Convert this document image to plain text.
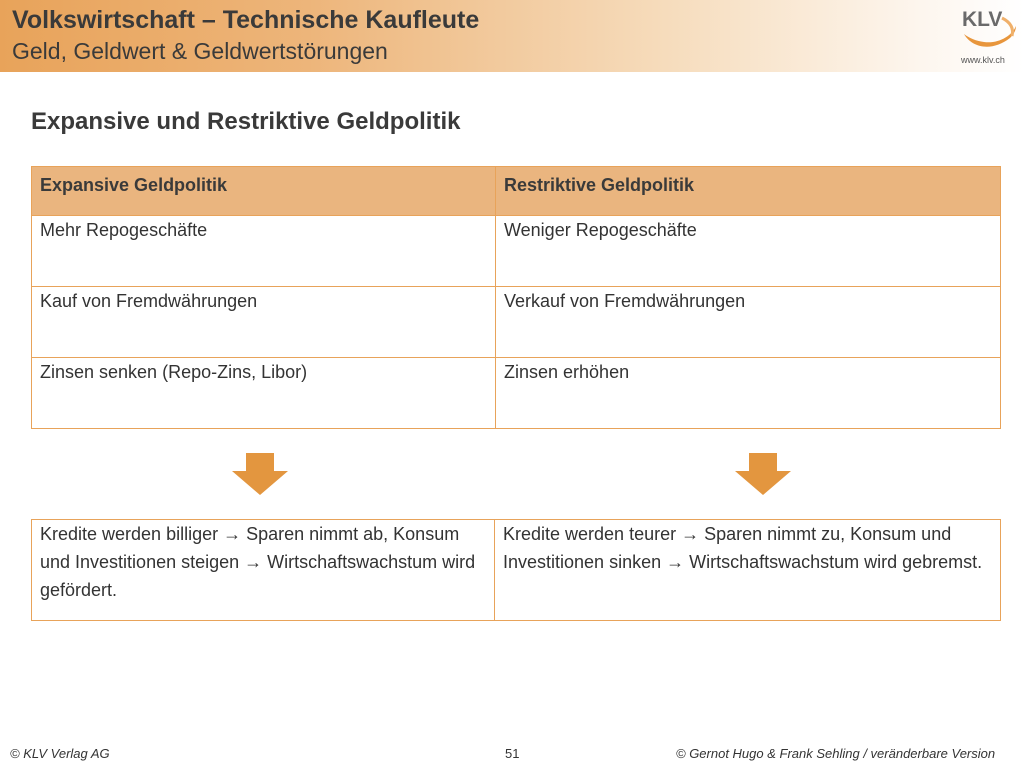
Volkswirtschaft – Technische Kaufleute
Geld, Geldwert & Geldwertstörungen
KLV
www.klv.ch
Expansive und Restriktive Geldpolitik
Expansive Geldpolitik	Restriktive Geldpolitik

Mehr Repogeschäfte	Weniger Repogeschäfte

Kauf von Fremdwährungen	Verkauf von Fremdwährungen

Zinsen senken (Repo-Zins, Libor)	Zinsen erhöhen
Kredite werden billiger → Sparen nimmt ab, Konsum und Investitionen steigen → Wirtschaftswachstum wird gefördert.

Kredite werden teurer → Sparen nimmt zu, Konsum und Investitionen sinken → Wirtschaftswachstum wird gebremst.
© KLV Verlag AG	51	© Gernot Hugo & Frank Sehling / veränderbare Version
